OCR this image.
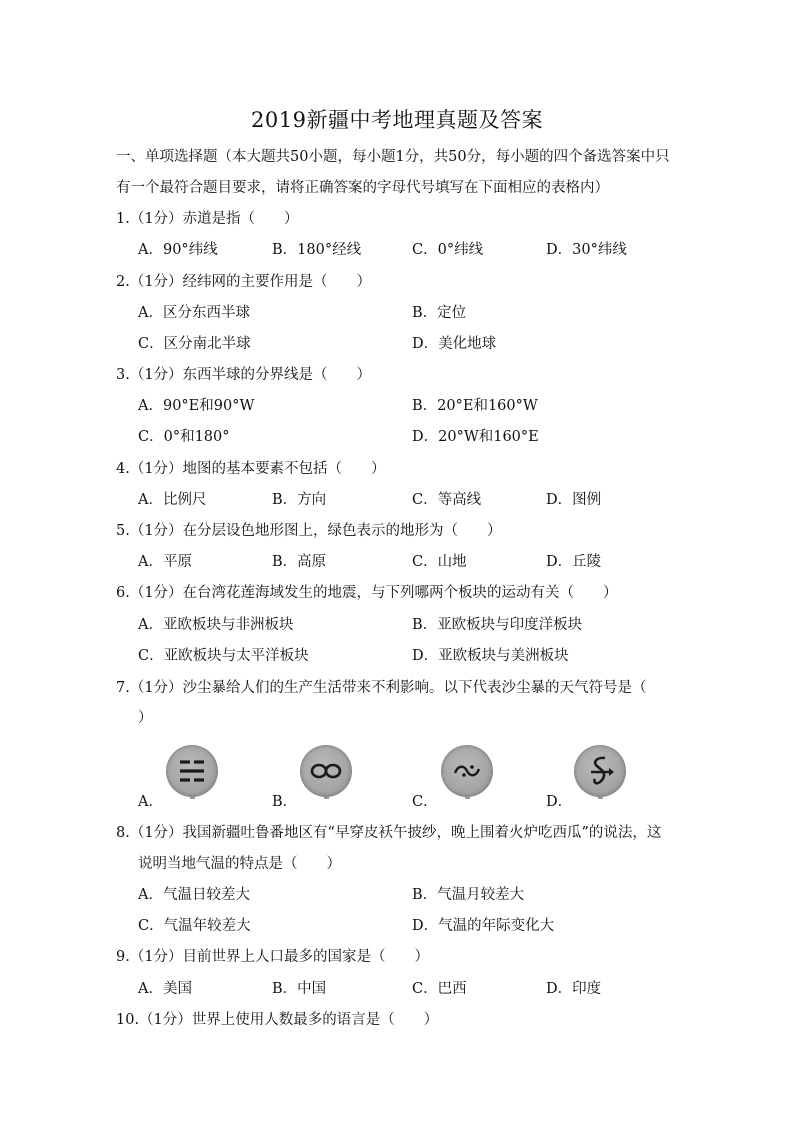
2019新疆中考地理真题及答案
一、单项选择题（本大题共50小题，每小题1分，共50分，每小题的四个备选答案中只
有一个最符合题目要求，请将正确答案的字母代号填写在下面相应的表格内）
1.（1分）赤道是指（　　）
A．90°纬线	B．180°经线	C．0°纬线	D．30°纬线
2.（1分）经纬网的主要作用是（　　）
A．区分东西半球	B．定位
C．区分南北半球	D．美化地球
3.（1分）东西半球的分界线是（　　）
A．90°E和90°W	B．20°E和160°W
C．0°和180°	D．20°W和160°E
4.（1分）地图的基本要素不包括（　　）
A．比例尺	B．方向	C．等高线	D．图例
5.（1分）在分层设色地形图上，绿色表示的地形为（　　）
A．平原	B．高原	C．山地	D．丘陵
6.（1分）在台湾花莲海域发生的地震，与下列哪两个板块的运动有关（　　）
A．亚欧板块与非洲板块	B．亚欧板块与印度洋板块
C．亚欧板块与太平洋板块	D．亚欧板块与美洲板块
7.（1分）沙尘暴给人们的生产生活带来不利影响。以下代表沙尘暴的天气符号是（
）
A．	B．	C．	D．
8.（1分）我国新疆吐鲁番地区有“早穿皮袄午披纱，晚上围着火炉吃西瓜”的说法，这
说明当地气温的特点是（　　）
A．气温日较差大	B．气温月较差大
C．气温年较差大	D．气温的年际变化大
9.（1分）目前世界上人口最多的国家是（　　）
A．美国	B．中国	C．巴西	D．印度
10.（1分）世界上使用人数最多的语言是（　　）
